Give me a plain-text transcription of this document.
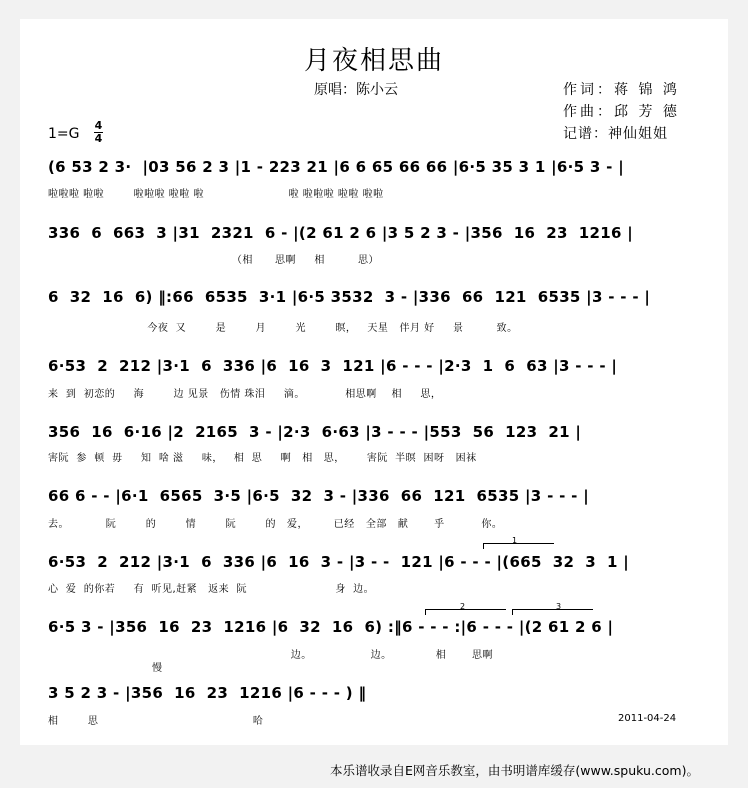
月夜相思曲
原唱：陈小云	作词：蒋 锦 鸿
作曲：邱 芳 德
记谱：神仙姐姐
1=G
4
4
(6 53 2 3·  |03 56 2 3 |1 - 223 21 |6 6 65 66 66 |6·5 35 3 1 |6·5 3 - |
啦啦啦 啦啦        啦啦啦 啦啦 啦                       啦 啦啦啦 啦啦 啦啦
336  6  663  3 |31  2321  6 - |(2 61 2 6 |3 5 2 3 - |356  16  23  1216 |
（相      思啊     相         思）
6  32  16  6) ‖:66  6535  3·1 |6·5 3532  3 - |336  66  121  6535 |3 - - - |
今夜  又        是        月        光        暝，   天星   伴月 好     景         致。
6·53  2  212 |3·1  6  336 |6  16  3  121 |6 - - - |2·3  1  6  63 |3 - - - |
来  到  初恋的     海        边 见景   伤情 珠泪     滴。           相思啊    相     思，
356  16  6·16 |2  2165  3 - |2·3  6·63 |3 - - - |553  56  123  21 |
害阮  参  顿  毋     知  啥 滋     味，   相  思     啊   相   思，      害阮  半暝  困呀   困袜
66 6 - - |6·1  6565  3·5 |6·5  32  3 - |336  66  121  6535 |3 - - - |
去。          阮        的        情        阮        的   爱，       已经   全部   献       乎          你。
1
6·53  2  212 |3·1  6  336 |6  16  3 - |3 - -  121 |6 - - - |(665  32  3  1 |
心  爱  的你若     有  听见,赶紧   返来  阮                        身  边。
2	3
6·5 3 - |356  16  23  1216 |6  32  16  6) :‖6 - - - :|6 - - - |(2 61 2 6 |
边。                边。            相       思啊
慢
3 5 2 3 - |356  16  23  1216 |6 - - - ) ‖
相        思                                          哈	2011-04-24
本乐谱收录自E网音乐教室，由书明谱库缓存(www.spuku.com)。
